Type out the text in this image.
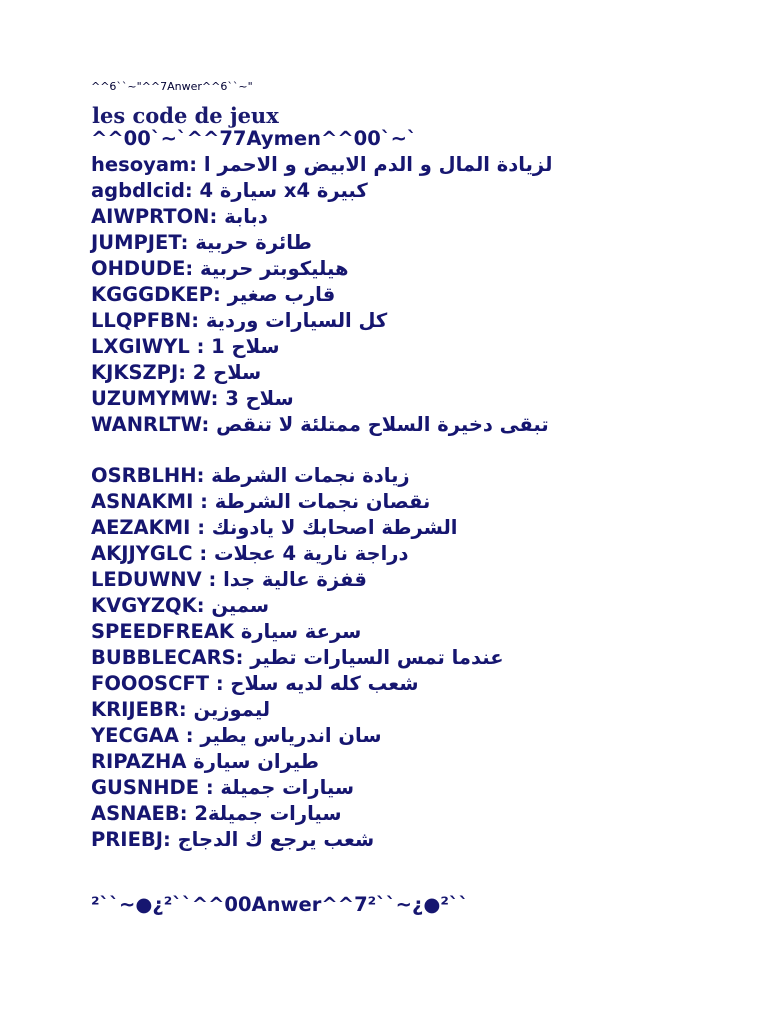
^^6``~"^^7Anwer^^6``~"
les code de jeux
^^00`~`^^77Aymen^^00`~`
hesoyam: لزيادة المال و الدم الابيض و الاحمر ا
agbdlcid: 4 سيارة x4 كبيرة
AIWPRTON: دبابة
JUMPJET: طائرة حربية
OHDUDE: هيليكوبتر حربية
KGGGDKEP: قارب صغير
LLQPFBN: كل السيارات وردية
LXGIWYL : 1 سلاح
KJKSZPJ: 2 سلاح
UZUMYMW: 3 سلاح
WANRLTW: تبقى دخيرة السلاح ممتلئة لا تنقص
OSRBLHH: زيادة نجمات الشرطة
ASNAKMI : نقصان نجمات الشرطة
AEZAKMI : الشرطة اصحابك لا يادونك
AKJJYGLC : دراجة نارية 4 عجلات
LEDUWNV : قفزة عالية جدا
KVGYZQK: سمين
SPEEDFREAK سرعة سيارة
BUBBLECARS: عندما تمس السيارات تطير
FOOOSCFT : شعب كله لديه سلاح
KRIJEBR: ليموزين
YECGAA : سان اندرياس يطير
RIPAZHA طيران سيارة
GUSNHDE : سيارات جميلة
ASNAEB: سيارات جميلة2
PRIEBJ: شعب يرجع ك الدجاج
²``~●¿²``^^00Anwer^^7²``~¿●²``
